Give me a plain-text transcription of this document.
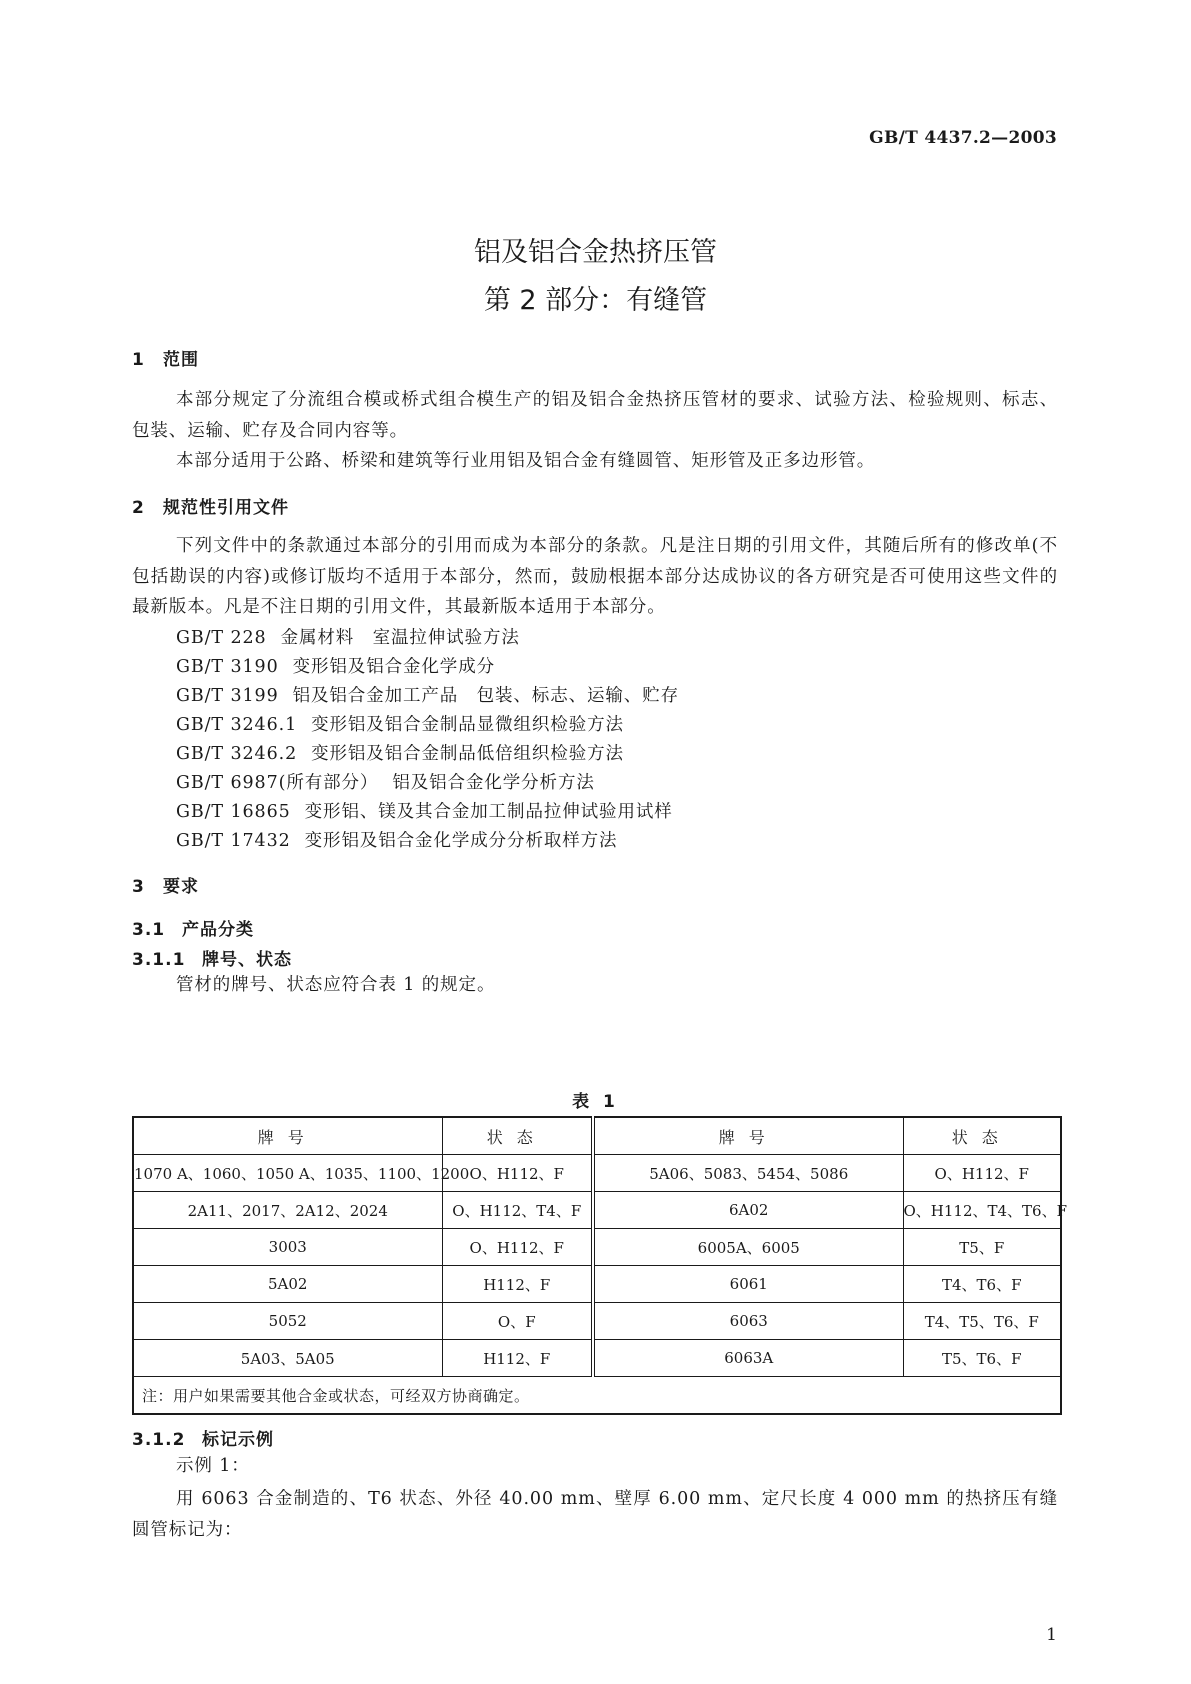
GB/T 4437.2—2003
铝及铝合金热挤压管
第 2 部分：有缝管
1 范围

本部分规定了分流组合模或桥式组合模生产的铝及铝合金热挤压管材的要求、试验方法、检验规则、标志、包装、运输、贮存及合同内容等。

本部分适用于公路、桥梁和建筑等行业用铝及铝合金有缝圆管、矩形管及正多边形管。

2 规范性引用文件

下列文件中的条款通过本部分的引用而成为本部分的条款。凡是注日期的引用文件，其随后所有的修改单(不包括勘误的内容)或修订版均不适用于本部分，然而，鼓励根据本部分达成协议的各方研究是否可使用这些文件的最新版本。凡是不注日期的引用文件，其最新版本适用于本部分。

GB/T 228 金属材料　室温拉伸试验方法
GB/T 3190 变形铝及铝合金化学成分
GB/T 3199 铝及铝合金加工产品　包装、标志、运输、贮存
GB/T 3246.1 变形铝及铝合金制品显微组织检验方法
GB/T 3246.2 变形铝及铝合金制品低倍组织检验方法
GB/T 6987(所有部分） 铝及铝合金化学分析方法
GB/T 16865 变形铝、镁及其合金加工制品拉伸试验用试样
GB/T 17432 变形铝及铝合金化学成分分析取样方法
3 要求
3.1 产品分类
3.1.1 牌号、状态

管材的牌号、状态应符合表 1 的规定。

表 1
牌号	状态	牌号	状态
1070 A、1060、1050 A、1035、1100、1200	O、H112、F	5A06、5083、5454、5086	O、H112、F
2A11、2017、2A12、2024	O、H112、T4、F	6A02	O、H112、T4、T6、F
3003	O、H112、F	6005A、6005	T5、F
5A02	H112、F	6061	T4、T6、F
5052	O、F	6063	T4、T5、T6、F
5A03、5A05	H112、F	6063A	T5、T6、F
注：用户如果需要其他合金或状态，可经双方协商确定。			
3.1.2 标记示例

示例 1：

用 6063 合金制造的、T6 状态、外径 40.00 mm、壁厚 6.00 mm、定尺长度 4 000 mm 的热挤压有缝圆管标记为：

1
